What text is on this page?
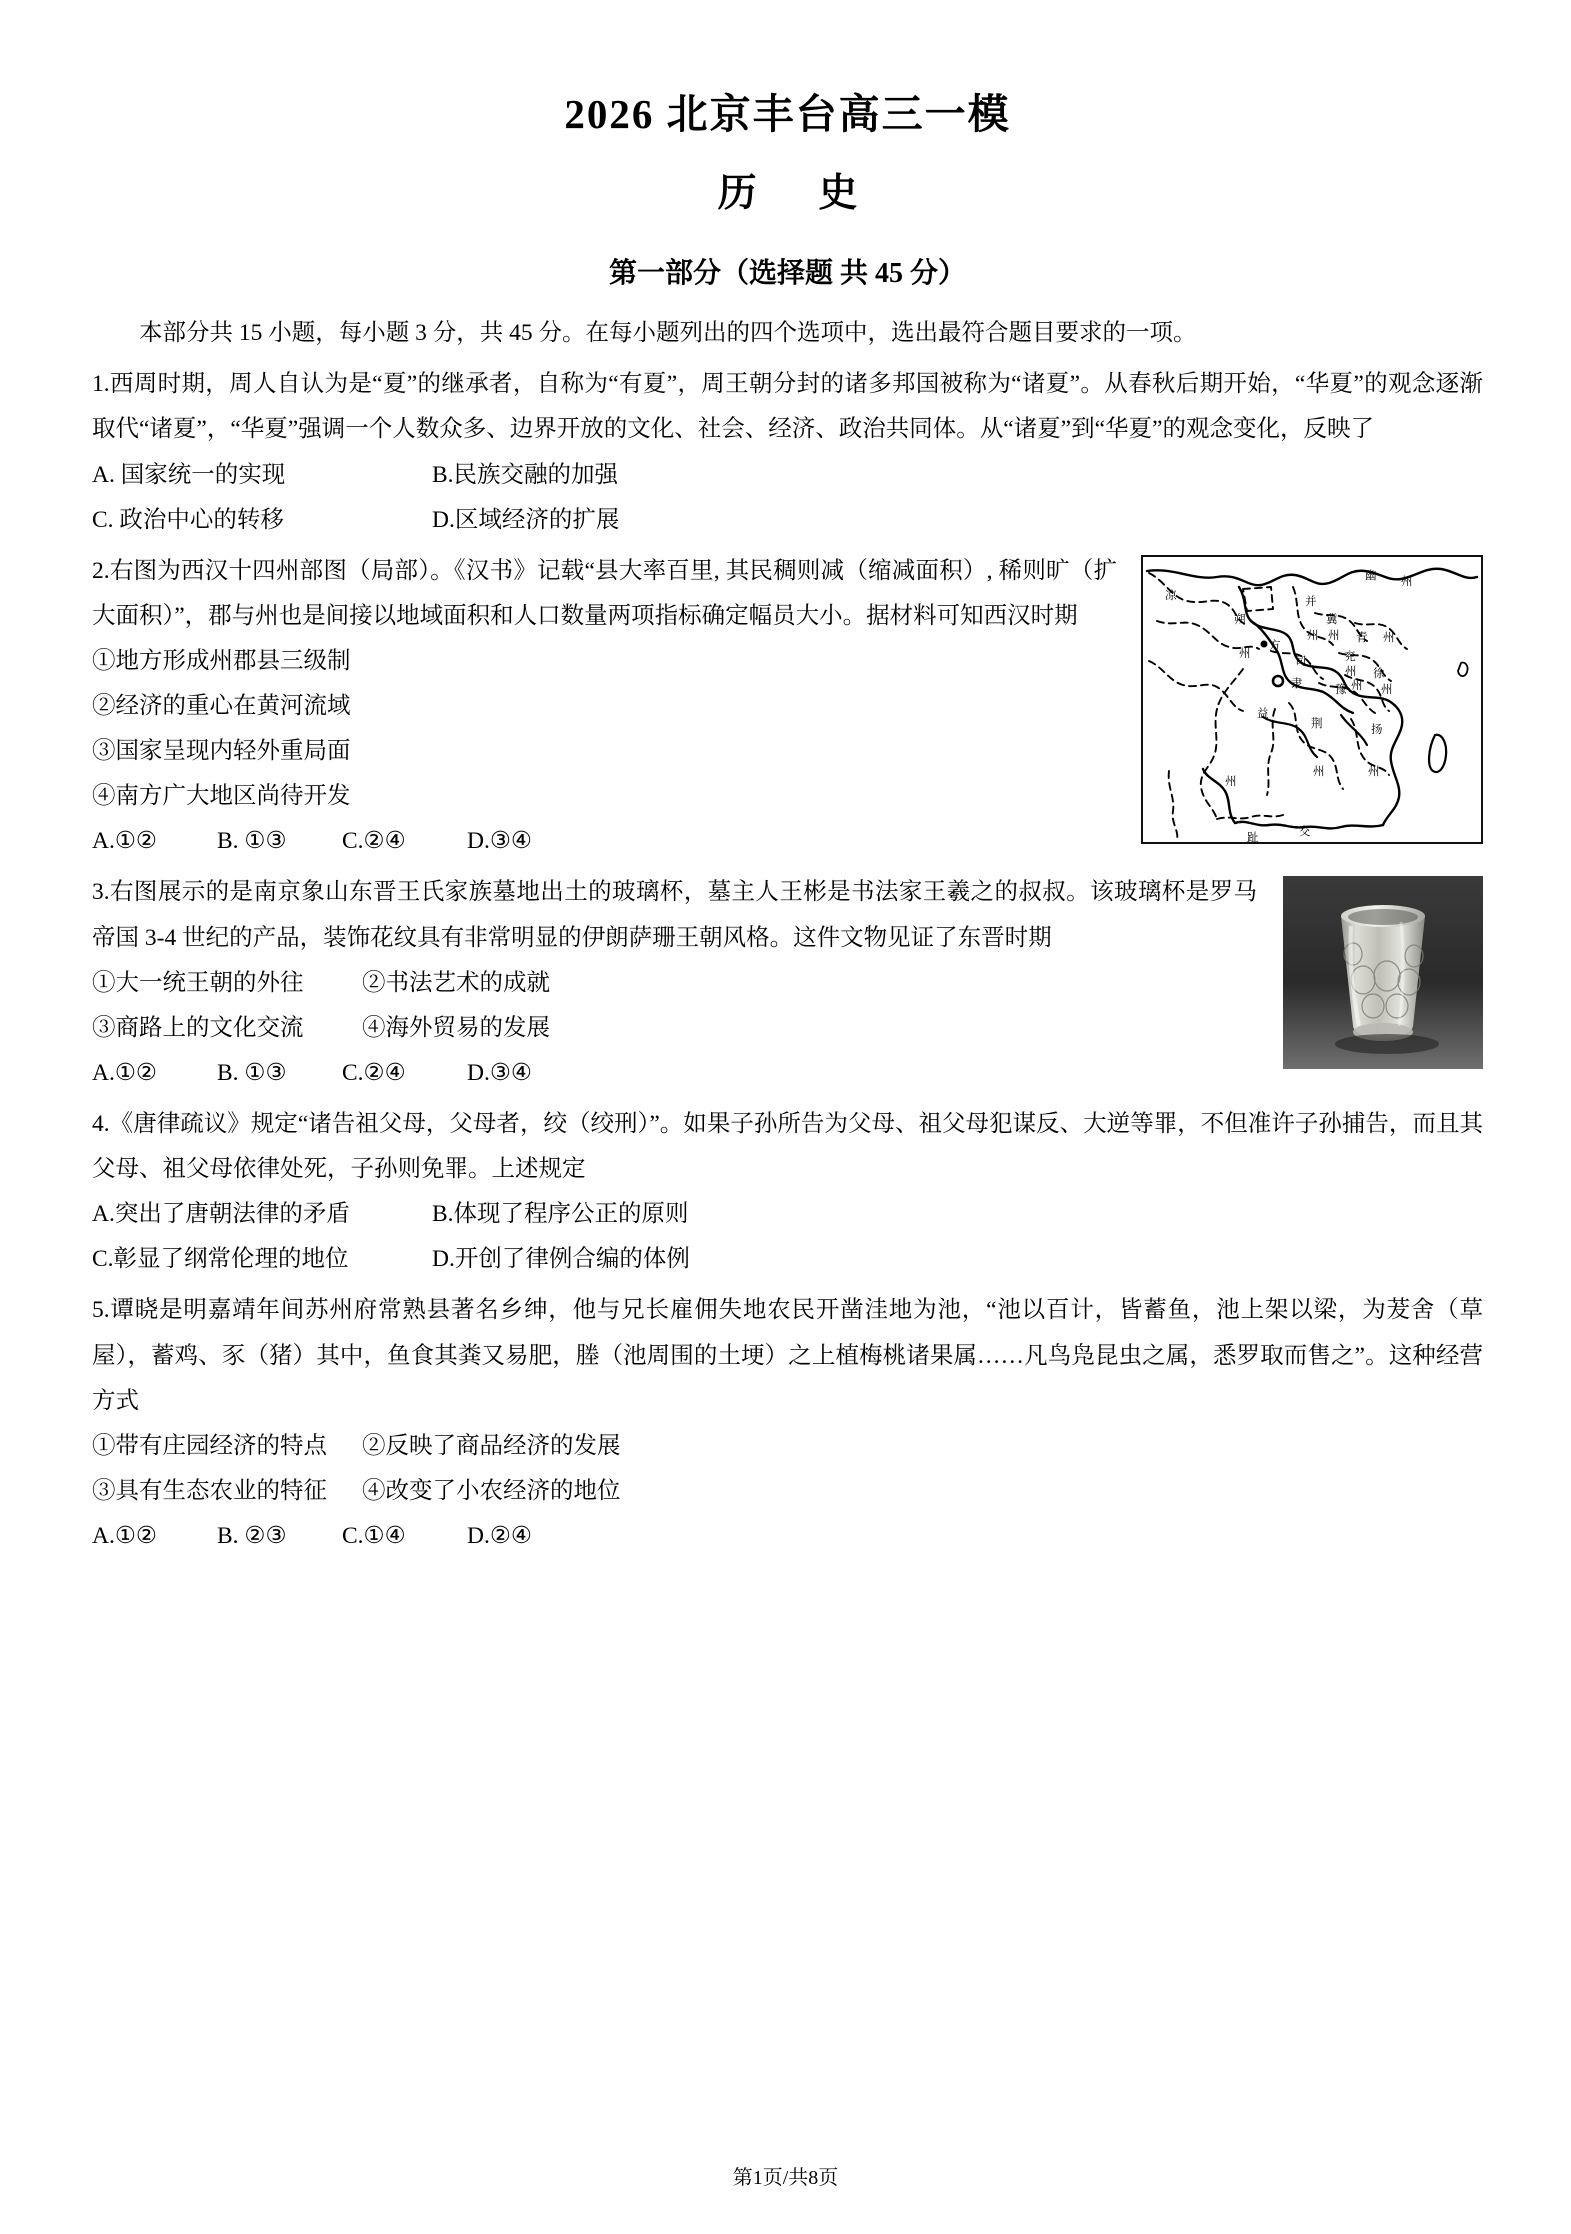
2026 北京丰台高三一模
历 史
第一部分（选择题 共 45 分）
本部分共 15 小题，每小题 3 分，共 45 分。在每小题列出的四个选项中，选出最符合题目要求的一项。
1.西周时期，周人自认为是“夏”的继承者，自称为“有夏”，周王朝分封的诸多邦国被称为“诸夏”。从春秋后期开始，“华夏”的观念逐渐取代“诸夏”，“华夏”强调一个人数众多、边界开放的文化、社会、经济、政治共同体。从“诸夏”到“华夏”的观念变化，反映了
A. 国家统一的实现	B.民族交融的加强
C. 政治中心的转移	D.区域经济的扩展
凉
朔
方
并
州
冀
州
州
幽 州
青 州
兖
州
司
隶
徐
州
豫 州
益
州
荆
州
扬
州
交
趾
2.右图为西汉十四州部图（局部）。《汉书》记载“县大率百里, 其民稠则减（缩减面积）, 稀则旷（扩大面积）”，郡与州也是间接以地域面积和人口数量两项指标确定幅员大小。据材料可知西汉时期
①地方形成州郡县三级制
②经济的重心在黄河流域
③国家呈现内轻外重局面
④南方广大地区尚待开发
A.①②	B. ①③	C.②④	D.③④
3.右图展示的是南京象山东晋王氏家族墓地出土的玻璃杯，墓主人王彬是书法家王羲之的叔叔。该玻璃杯是罗马帝国 3-4 世纪的产品，装饰花纹具有非常明显的伊朗萨珊王朝风格。这件文物见证了东晋时期
①大一统王朝的外往	②书法艺术的成就
③商路上的文化交流	④海外贸易的发展
A.①②	B. ①③	C.②④	D.③④
4.《唐律疏议》规定“诸告祖父母，父母者，绞（绞刑）”。如果子孙所告为父母、祖父母犯谋反、大逆等罪，不但准许子孙捕告，而且其父母、祖父母依律处死，子孙则免罪。上述规定
A.突出了唐朝法律的矛盾	B.体现了程序公正的原则
C.彰显了纲常伦理的地位	D.开创了律例合编的体例
5.谭晓是明嘉靖年间苏州府常熟县著名乡绅，他与兄长雇佣失地农民开凿洼地为池，“池以百计，皆蓄鱼，池上架以梁，为茇舍（草屋），蓄鸡、豕（猪）其中，鱼食其粪又易肥，塍（池周围的土埂）之上植梅桃诸果属……凡鸟凫昆虫之属，悉罗取而售之”。这种经营方式
①带有庄园经济的特点	②反映了商品经济的发展
③具有生态农业的特征	④改变了小农经济的地位
A.①②	B. ②③	C.①④	D.②④
第1页/共8页
